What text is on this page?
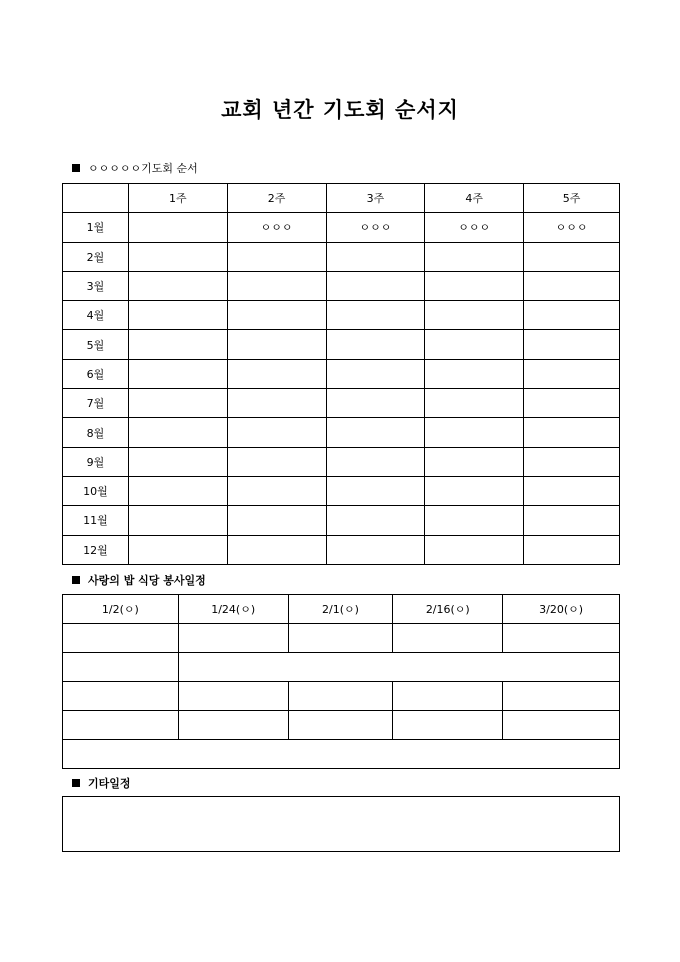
교회 년간 기도회 순서지
ㅇㅇㅇㅇㅇ기도회 순서
	1주	2주	3주	4주	5주
1월		ㅇㅇㅇ	ㅇㅇㅇ	ㅇㅇㅇ	ㅇㅇㅇ
2월					
3월					
4월					
5월					
6월					
7월					
8월					
9월					
10월					
11월					
12월					
사랑의 밥 식당 봉사일정
1/2(ㅇ)	1/24(ㅇ)	2/1(ㅇ)	2/16(ㅇ)	3/20(ㅇ)

기타일정
